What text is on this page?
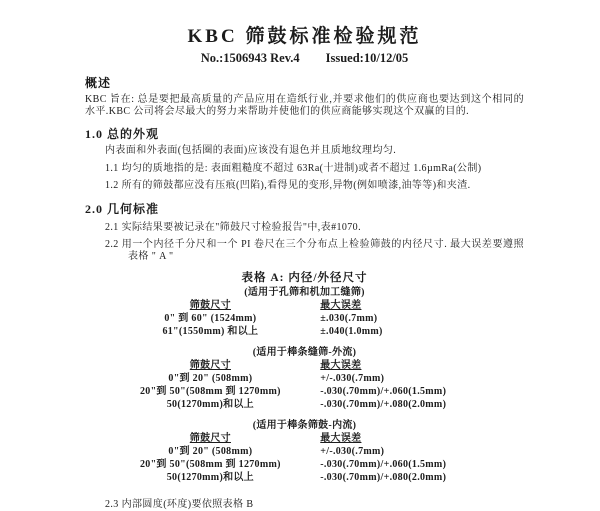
KBC 筛鼓标准检验规范
No.:1506943 Rev.4 Issued:10/12/05
概述
KBC 旨在: 总是要把最高质量的产品应用在造纸行业,并要求他们的供应商也要达到这个相同的水平.KBC 公司将会尽最大的努力来帮助并使他们的供应商能够实现这个双赢的目的.
1.0 总的外观
内表面和外表面(包括圈的表面)应该没有退色并且质地纹理均匀.
1.1 均匀的质地指的是: 表面粗糙度不超过 63Ra(十进制)或者不超过 1.6µmRa(公制)
1.2 所有的筛鼓都应没有压痕(凹陷),看得见的变形,异物(例如喷漆,油等等)和夹渣.
2.0 几何标准
2.1 实际结果要被记录在"筛鼓尺寸检验报告"中,表#1070.
2.2 用一个内径千分尺和一个 PI 卷尺在三个分布点上检验筛鼓的内径尺寸. 最大误差要遵照表格 " A "
表格 A: 内径/外径尺寸
(适用于孔筛和机加工缝筛)
筛鼓尺寸	最大误差
0" 到 60" (1524mm)	±.030(.7mm)
61"(1550mm) 和以上	±.040(1.0mm)
(适用于棒条缝筛-外流)
筛鼓尺寸	最大误差
0"到 20" (508mm)	+/-.030(.7mm)
20"到 50"(508mm 到 1270mm)	-.030(.70mm)/+.060(1.5mm)
50(1270mm)和以上	-.030(.70mm)/+.080(2.0mm)
(适用于棒条筛鼓-内流)
筛鼓尺寸	最大误差
0"到 20" (508mm)	+/-.030(.7mm)
20"到 50"(508mm 到 1270mm)	-.030(.70mm)/+.060(1.5mm)
50(1270mm)和以上	-.030(.70mm)/+.080(2.0mm)
2.3 内部圆度(环度)要依照表格 B
